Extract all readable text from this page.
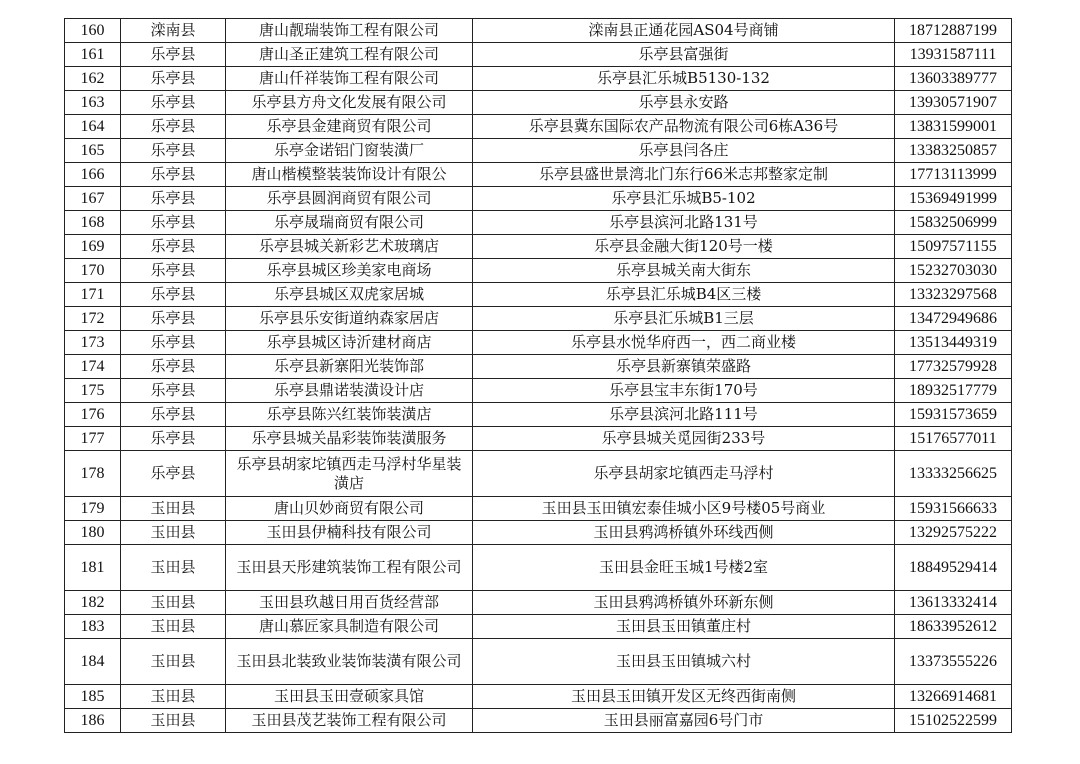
160	滦南县	唐山靓瑞装饰工程有限公司	滦南县正通花园AS04号商铺	18712887199
161	乐亭县	唐山圣正建筑工程有限公司	乐亭县富强街	13931587111
162	乐亭县	唐山仟祥装饰工程有限公司	乐亭县汇乐城B5130-132	13603389777
163	乐亭县	乐亭县方舟文化发展有限公司	乐亭县永安路	13930571907
164	乐亭县	乐亭县金建商贸有限公司	乐亭县冀东国际农产品物流有限公司6栋A36号	13831599001
165	乐亭县	乐亭金诺铝门窗装潢厂	乐亭县闫各庄	13383250857
166	乐亭县	唐山楷模整装装饰设计有限公	乐亭县盛世景湾北门东行66米志邦整家定制	17713113999
167	乐亭县	乐亭县圆润商贸有限公司	乐亭县汇乐城B5-102	15369491999
168	乐亭县	乐亭晟瑞商贸有限公司	乐亭县滨河北路131号	15832506999
169	乐亭县	乐亭县城关新彩艺术玻璃店	乐亭县金融大街120号一楼	15097571155
170	乐亭县	乐亭县城区珍美家电商场	乐亭县城关南大街东	15232703030
171	乐亭县	乐亭县城区双虎家居城	乐亭县汇乐城B4区三楼	13323297568
172	乐亭县	乐亭县乐安街道纳森家居店	乐亭县汇乐城B1三层	13472949686
173	乐亭县	乐亭县城区诗沂建材商店	乐亭县水悦华府西一，西二商业楼	13513449319
174	乐亭县	乐亭县新寨阳光装饰部	乐亭县新寨镇荣盛路	17732579928
175	乐亭县	乐亭县鼎诺装潢设计店	乐亭县宝丰东街170号	18932517779
176	乐亭县	乐亭县陈兴红装饰装潢店	乐亭县滨河北路111号	15931573659
177	乐亭县	乐亭县城关晶彩装饰装潢服务	乐亭县城关觅园街233号	15176577011
178	乐亭县	乐亭县胡家坨镇西走马浮村华星装潢店	乐亭县胡家坨镇西走马浮村	13333256625
179	玉田县	唐山贝妙商贸有限公司	玉田县玉田镇宏泰佳城小区9号楼05号商业	15931566633
180	玉田县	玉田县伊楠科技有限公司	玉田县鸦鸿桥镇外环线西侧	13292575222
181	玉田县	玉田县天彤建筑装饰工程有限公司	玉田县金旺玉城1号楼2室	18849529414
182	玉田县	玉田县玖越日用百货经营部	玉田县鸦鸿桥镇外环新东侧	13613332414
183	玉田县	唐山慕匠家具制造有限公司	玉田县玉田镇董庄村	18633952612
184	玉田县	玉田县北装致业装饰装潢有限公司	玉田县玉田镇城六村	13373555226
185	玉田县	玉田县玉田壹硕家具馆	玉田县玉田镇开发区无终西街南侧	13266914681
186	玉田县	玉田县茂艺装饰工程有限公司	玉田县丽富嘉园6号门市	15102522599
